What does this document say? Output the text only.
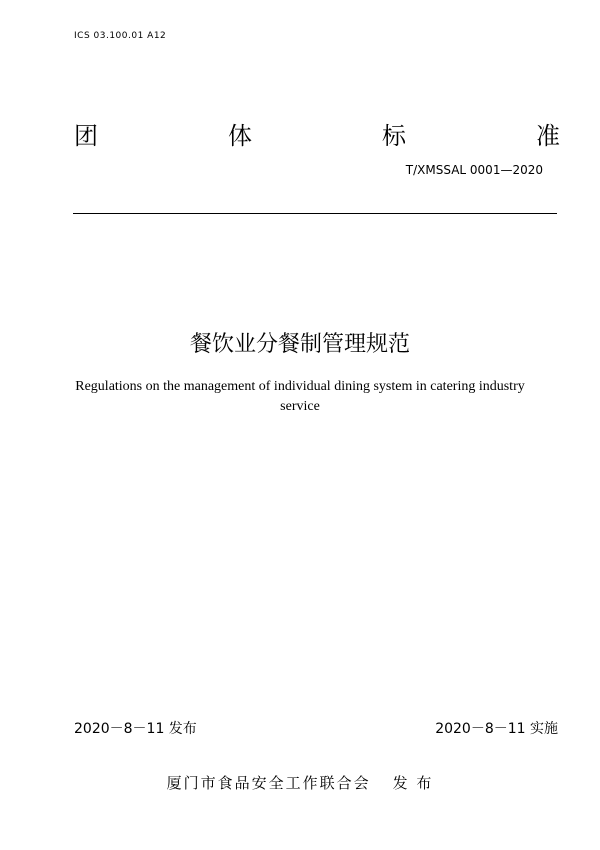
ICS 03.100.01 A12
团	体	标	准
T/XMSSAL 0001—2020
餐饮业分餐制管理规范
Regulations on the management of individual dining system in catering industry service
2020－8－11 发布	2020－8－11 实施
厦门市食品安全工作联合会 发 布
